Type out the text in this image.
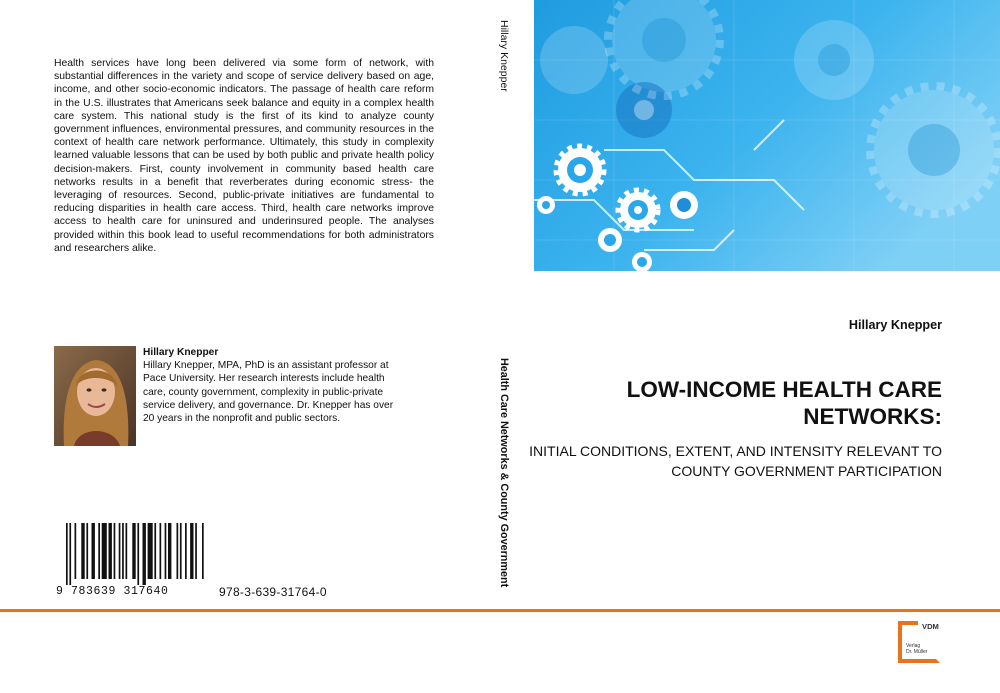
Health services have long been delivered via some form of network, with substantial differences in the variety and scope of service delivery based on age, income, and other socio-economic indicators. The passage of health care reform in the U.S. illustrates that Americans seek balance and equity in a complex health care system. This national study is the first of its kind to analyze county government influences, environmental pressures, and community resources in the context of health care network performance. Ultimately, this study in complexity learned valuable lessons that can be used by both public and private health policy decision-makers. First, county involvement in community based health care networks results in a benefit that reverberates during economic stress- the leveraging of resources. Second, public-private initiatives are fundamental to reducing disparities in health care access. Third, health care networks improve access to health care for uninsured and underinsured people. The analyses provided within this book lead to useful recommendations for both administrators and researchers alike.

Hillary Knepper
Hillary Knepper, MPA, PhD is an assistant professor at Pace University. Her research interests include health care, county government, complexity in public-private service delivery, and governance. Dr. Knepper has over 20 years in the nonprofit and public sectors.
9 783639 317640	978-3-639-31764-0
Hillary Knepper
Health Care Networks & County Government
Hillary Knepper
LOW-INCOME HEALTH CARE NETWORKS:
INITIAL CONDITIONS, EXTENT, AND INTENSITY RELEVANT TO COUNTY GOVERNMENT PARTICIPATION
VDM
Verlag
Dr. Müller
